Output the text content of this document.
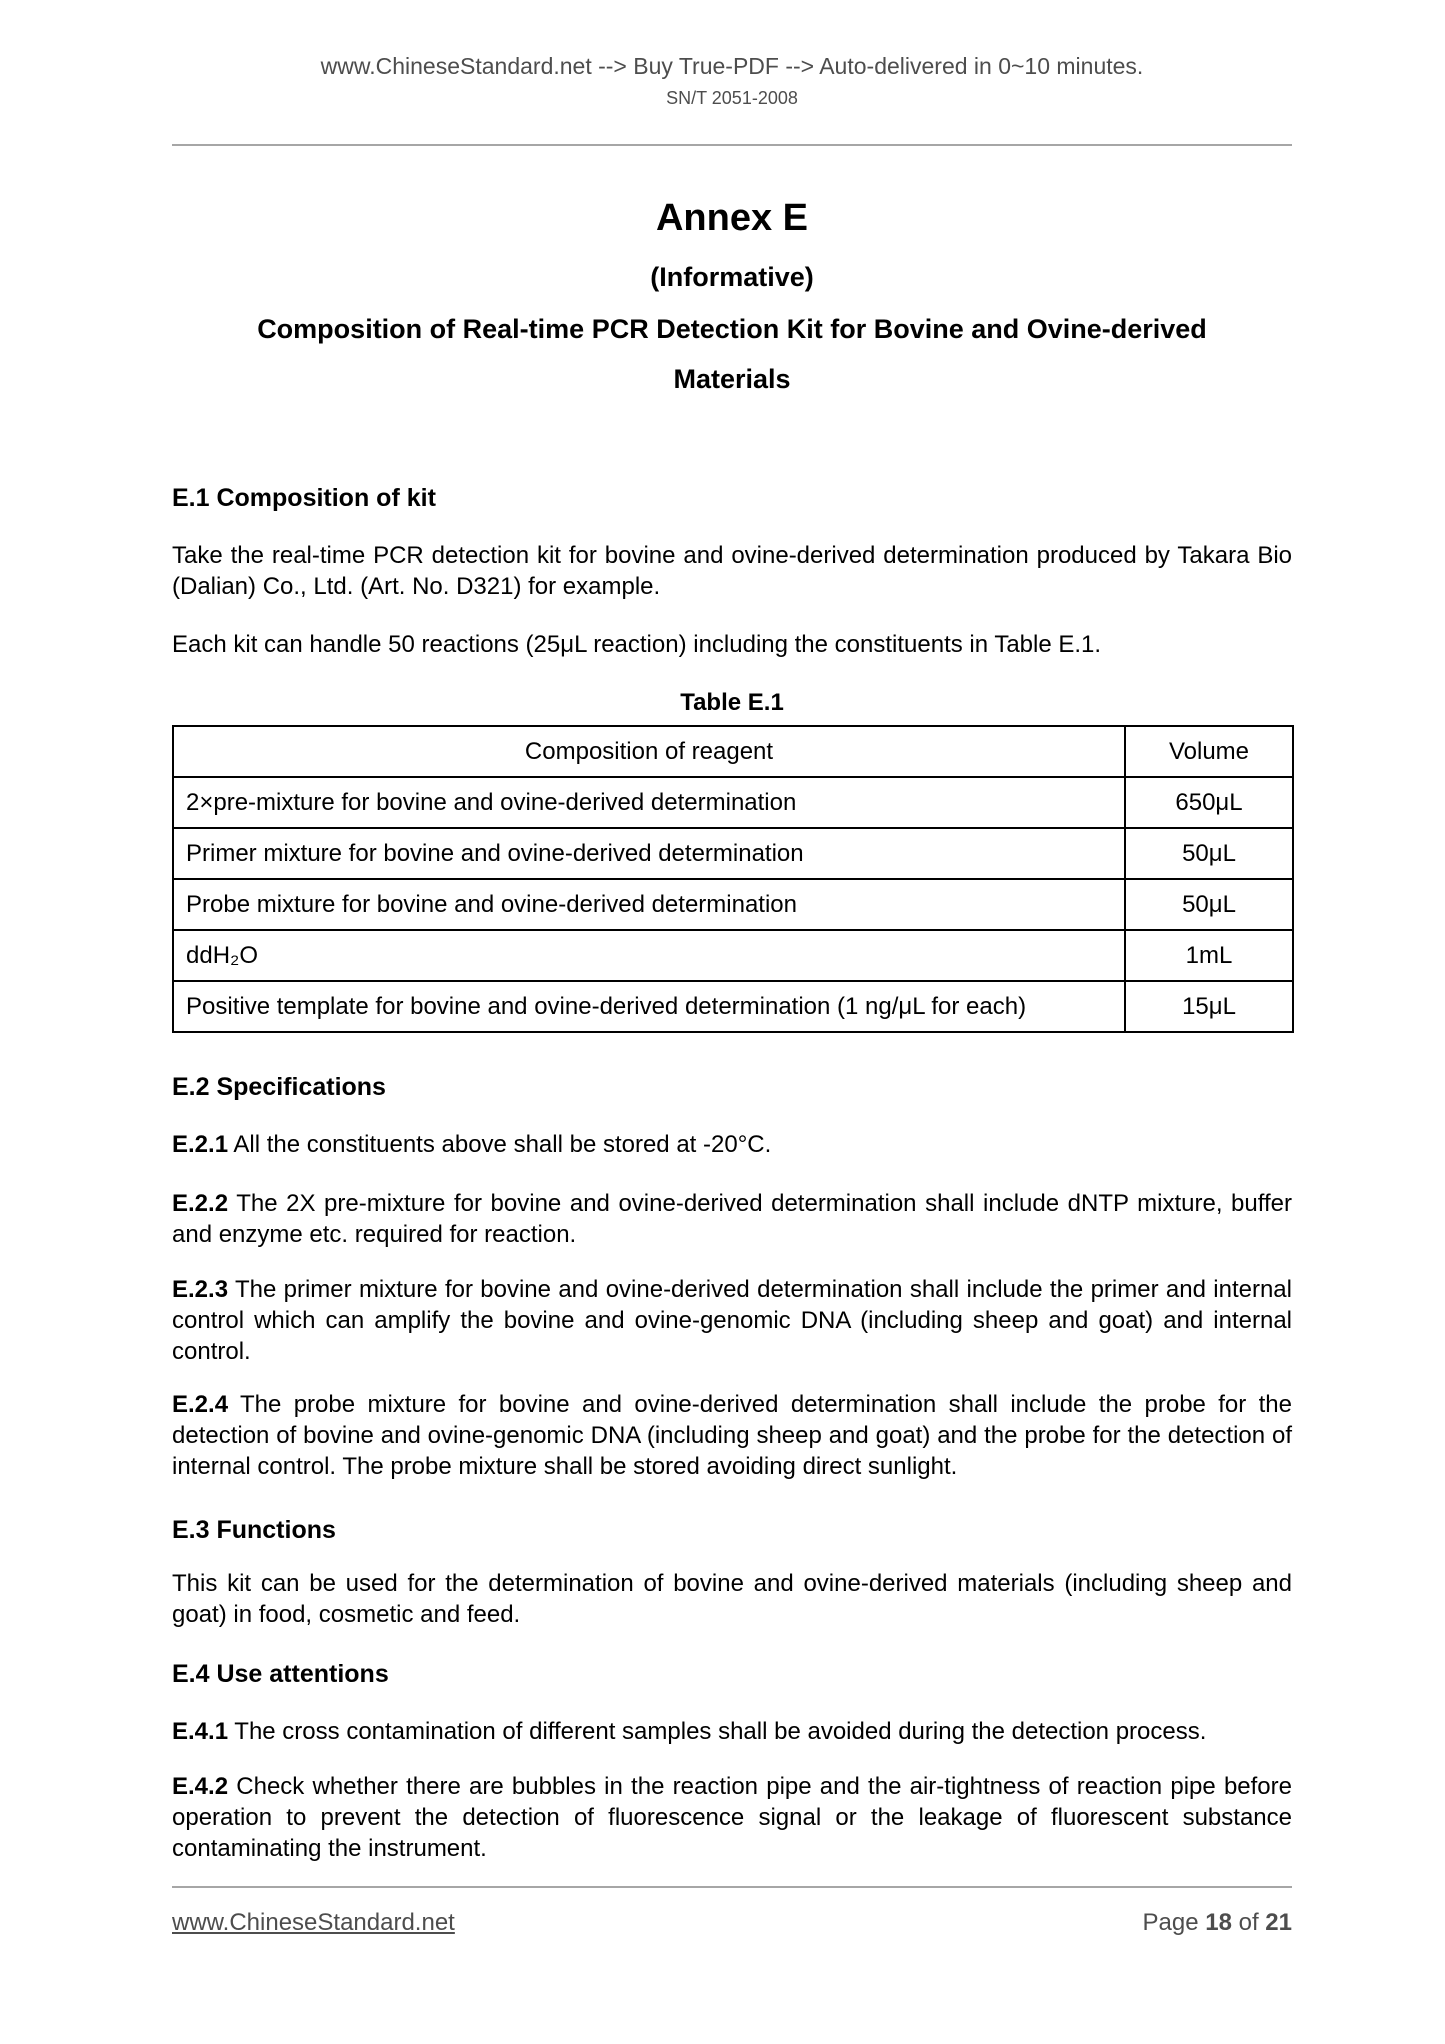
www.ChineseStandard.net --> Buy True-PDF --> Auto-delivered in 0~10 minutes.
SN/T 2051-2008
Annex E
(Informative)
Composition of Real-time PCR Detection Kit for Bovine and Ovine-derived
Materials
E.1 Composition of kit

Take the real-time PCR detection kit for bovine and ovine-derived determination produced by Takara Bio (Dalian) Co., Ltd. (Art. No. D321) for example.

Each kit can handle 50 reactions (25μL reaction) including the constituents in Table E.1.

Table E.1
Composition of reagent	Volume
2×pre-mixture for bovine and ovine-derived determination	650μL
Primer mixture for bovine and ovine-derived determination	50μL
Probe mixture for bovine and ovine-derived determination	50μL
ddH₂O	1mL
Positive template for bovine and ovine-derived determination (1 ng/μL for each)	15μL
E.2 Specifications

E.2.1 All the constituents above shall be stored at -20°C.

E.2.2 The 2X pre-mixture for bovine and ovine-derived determination shall include dNTP mixture, buffer and enzyme etc. required for reaction.

E.2.3 The primer mixture for bovine and ovine-derived determination shall include the primer and internal control which can amplify the bovine and ovine-genomic DNA (including sheep and goat) and internal control.

E.2.4 The probe mixture for bovine and ovine-derived determination shall include the probe for the detection of bovine and ovine-genomic DNA (including sheep and goat) and the probe for the detection of internal control. The probe mixture shall be stored avoiding direct sunlight.

E.3 Functions

This kit can be used for the determination of bovine and ovine-derived materials (including sheep and goat) in food, cosmetic and feed.

E.4 Use attentions

E.4.1 The cross contamination of different samples shall be avoided during the detection process.

E.4.2 Check whether there are bubbles in the reaction pipe and the air-tightness of reaction pipe before operation to prevent the detection of fluorescence signal or the leakage of fluorescent substance contaminating the instrument.

www.ChineseStandard.net	Page 18 of 21
